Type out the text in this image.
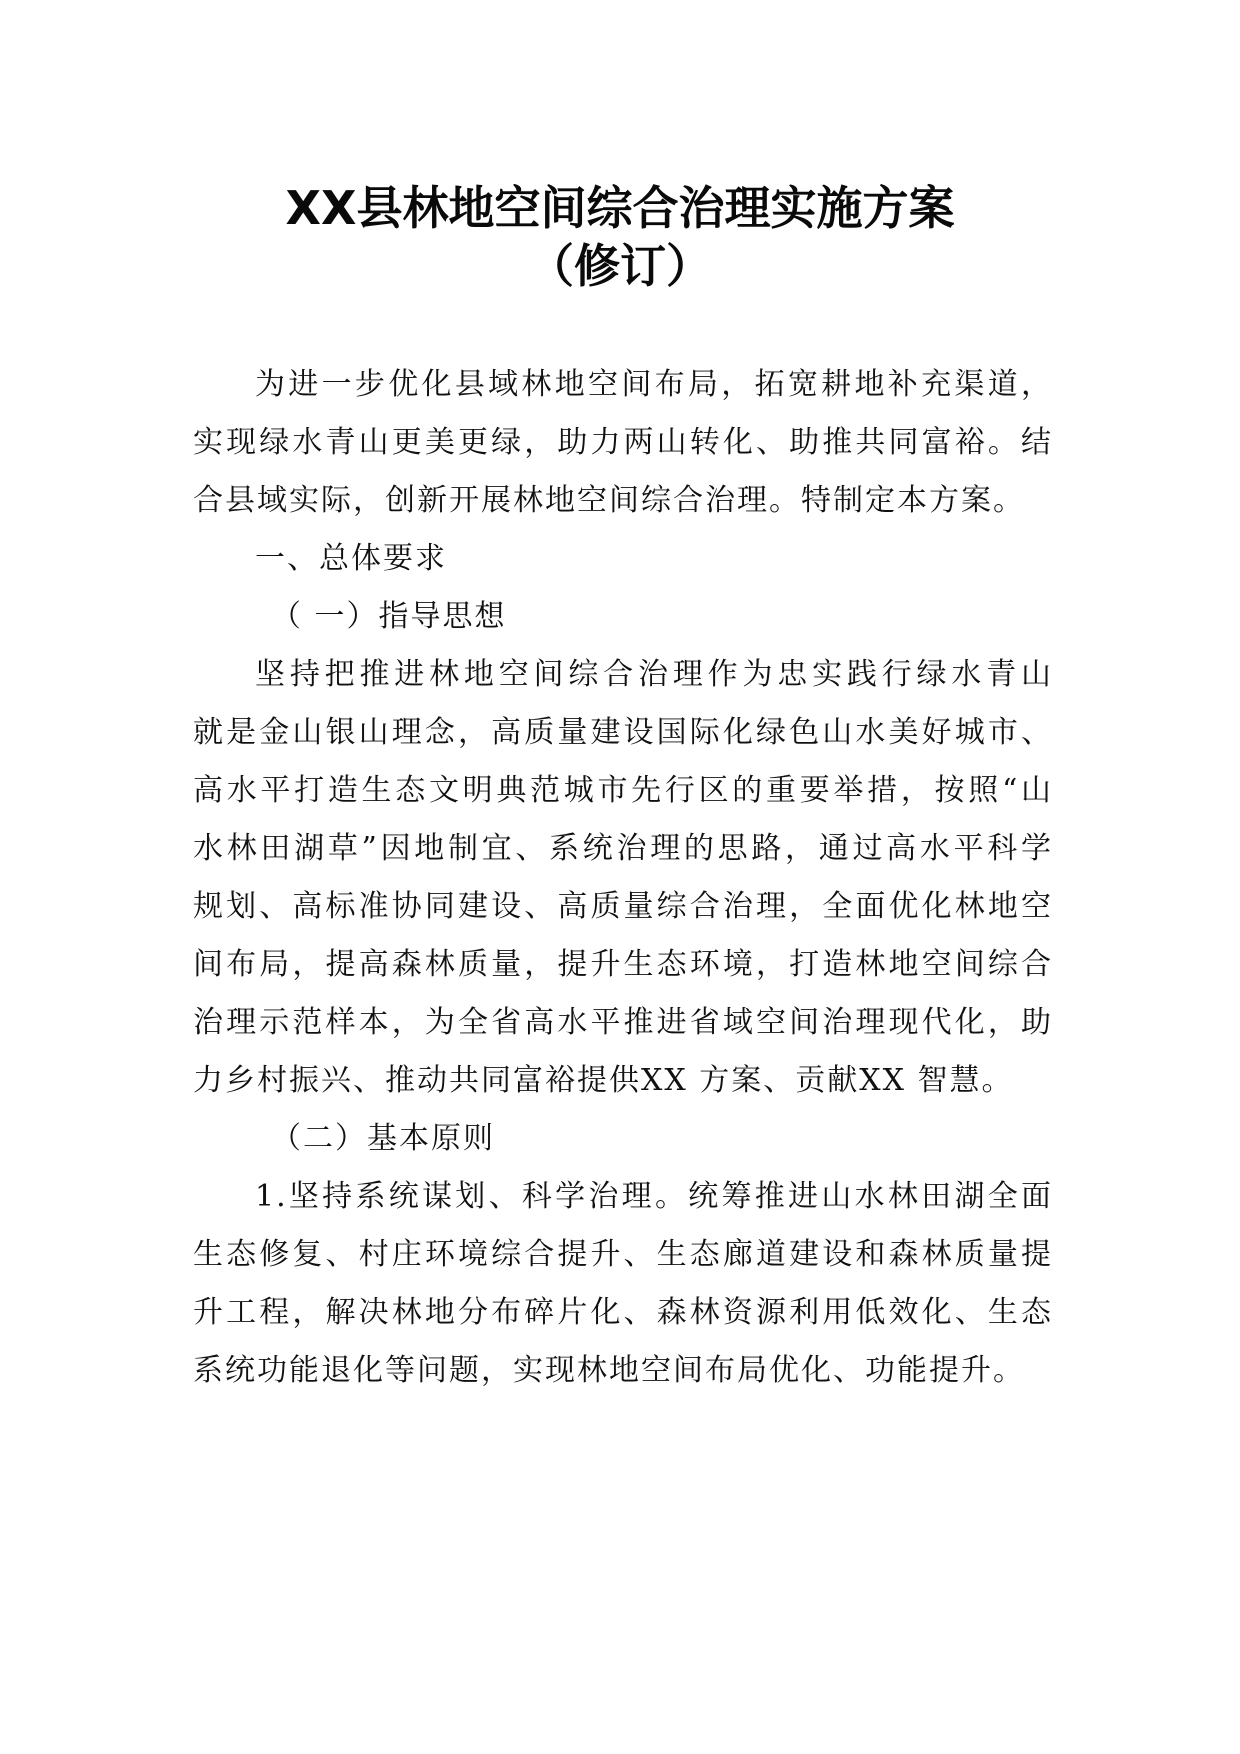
XX县林地空间综合治理实施方案
（修订）
为进一步优化县域林地空间布局，拓宽耕地补充渠道，
实现绿水青山更美更绿，助力两山转化、助推共同富裕。结
合县域实际，创新开展林地空间综合治理。特制定本方案。
一、总体要求
（ 一）指导思想
坚持把推进林地空间综合治理作为忠实践行绿水青山
就是金山银山理念，高质量建设国际化绿色山水美好城市、
高水平打造生态文明典范城市先行区的重要举措，按照“山
水林田湖草”因地制宜、系统治理的思路，通过高水平科学
规划、高标准协同建设、高质量综合治理，全面优化林地空
间布局，提高森林质量，提升生态环境，打造林地空间综合
治理示范样本，为全省高水平推进省域空间治理现代化，助
力乡村振兴、推动共同富裕提供XX 方案、贡献XX 智慧。
（二）基本原则
1.坚持系统谋划、科学治理。统筹推进山水林田湖全面
生态修复、村庄环境综合提升、生态廊道建设和森林质量提
升工程，解决林地分布碎片化、森林资源利用低效化、生态
系统功能退化等问题，实现林地空间布局优化、功能提升。
